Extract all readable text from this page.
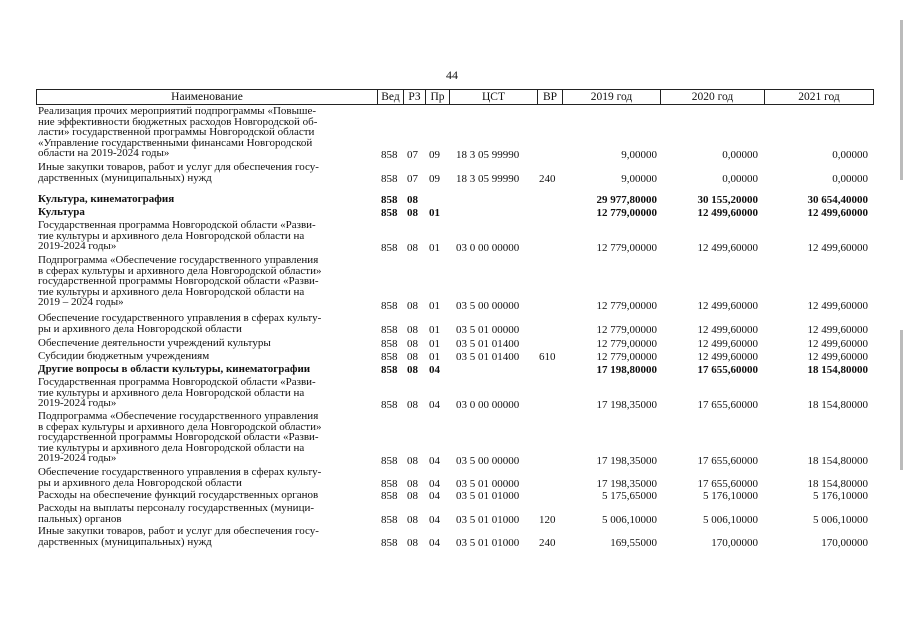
44
Наименование	Вед РЗ Пр	ЦСТ	ВР	2019 год	2020 год	2021 год
Реализация прочих мероприятий подпрограммы «Повыше-
ние эффективности бюджетных расходов Новгородской об-
ласти» государственной программы Новгородской области
«Управление государственными финансами Новгородской
области на 2019-2024 годы»	858 07	09	18 3 05 99990	9,00000	0,00000	0,00000
Иные закупки товаров, работ и услуг для обеспечения госу-
дарственных (муниципальных) нужд	858 07	09	18 3 05 99990	240	9,00000	0,00000	0,00000
Культура, кинематография	858 08	29 977,80000	30 155,20000	30 654,40000
Культура	858 08	01	12 779,00000	12 499,60000	12 499,60000
Государственная программа Новгородской области «Разви-
тие культуры и архивного дела Новгородской области на
2019-2024 годы»	858 08	01	03 0 00 00000	12 779,00000	12 499,60000	12 499,60000
Подпрограмма «Обеспечение государственного управления
в сферах культуры и архивного дела Новгородской области»
государственной программы Новгородской области «Разви-
тие культуры и архивного дела Новгородской области на
2019 – 2024 годы»	858 08	01	03 5 00 00000	12 779,00000	12 499,60000	12 499,60000
Обеспечение государственного управления в сферах культу-
ры и архивного дела Новгородской области	858 08	01	03 5 01 00000	12 779,00000	12 499,60000	12 499,60000
Обеспечение деятельности учреждений культуры	858 08	01	03 5 01 01400	12 779,00000	12 499,60000	12 499,60000
Субсидии бюджетным учреждениям	858 08	01	03 5 01 01400	610	12 779,00000	12 499,60000	12 499,60000
Другие вопросы в области культуры, кинематографии	858 08	04	17 198,80000	17 655,60000	18 154,80000
Государственная программа Новгородской области «Разви-
тие культуры и архивного дела Новгородской области на
2019-2024 годы»	858 08	04	03 0 00 00000	17 198,35000	17 655,60000	18 154,80000
Подпрограмма «Обеспечение государственного управления
в сферах культуры и архивного дела Новгородской области»
государственной программы Новгородской области «Разви-
тие культуры и архивного дела Новгородской области на
2019-2024 годы»	858 08	04	03 5 00 00000	17 198,35000	17 655,60000	18 154,80000
Обеспечение государственного управления в сферах культу-
ры и архивного дела Новгородской области	858 08	04	03 5 01 00000	17 198,35000	17 655,60000	18 154,80000
Расходы на обеспечение функций государственных органов	858 08	04	03 5 01 01000	5 175,65000	5 176,10000	5 176,10000
Расходы на выплаты персоналу государственных (муници-
пальных) органов	858 08	04	03 5 01 01000	120	5 006,10000	5 006,10000	5 006,10000
Иные закупки товаров, работ и услуг для обеспечения госу-
дарственных (муниципальных) нужд	858 08	04	03 5 01 01000	240	169,55000	170,00000	170,00000
